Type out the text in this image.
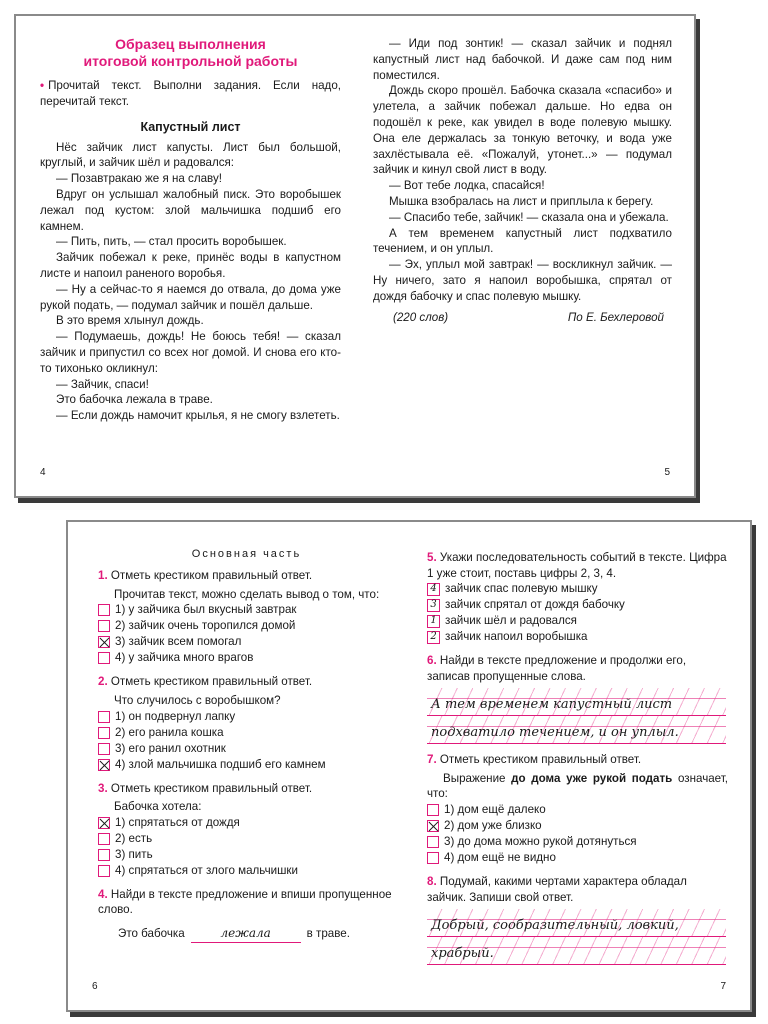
Образец выполнения
итоговой контрольной работы
• Прочитай текст. Выполни задания. Если надо, перечитай текст.
Капустный лист
Нёс зайчик лист капусты. Лист был большой, круглый, и зайчик шёл и радовался:
— Позавтракаю же я на славу!
Вдруг он услышал жалобный писк. Это воробышек лежал под кустом: злой мальчишка подшиб его камнем.
— Пить, пить, — стал просить воробышек.
Зайчик побежал к реке, принёс воды в капустном листе и напоил раненого воробья.
— Ну а сейчас-то я наемся до отвала, до дома уже рукой подать, — подумал зайчик и пошёл дальше.
В это время хлынул дождь.
— Подумаешь, дождь! Не боюсь тебя! — сказал зайчик и припустил со всех ног домой. И снова его кто-то тихонько окликнул:
— Зайчик, спаси!
Это бабочка лежала в траве.
— Если дождь намочит крылья, я не смогу взлететь.
4
— Иди под зонтик! — сказал зайчик и поднял капустный лист над бабочкой. И даже сам под ним поместился.
Дождь скоро прошёл. Бабочка сказала «спасибо» и улетела, а зайчик побежал дальше. Но едва он подошёл к реке, как увидел в воде полевую мышку. Она еле держалась за тонкую веточку, и вода уже захлёстывала её. «Пожалуй, утонет...» — подумал зайчик и кинул свой лист в воду.
— Вот тебе лодка, спасайся!
Мышка взобралась на лист и приплыла к берегу.
— Спасибо тебе, зайчик! — сказала она и убежала.
А тем временем капустный лист подхватило течением, и он уплыл.
— Эх, уплыл мой завтрак! — воскликнул зайчик. — Ну ничего, зато я напоил воробышка, спрятал от дождя бабочку и спас полевую мышку.
(220 слов)	По Е. Бехлеровой
5
Основная часть
1. Отметь крестиком правильный ответ.
Прочитав текст, можно сделать вывод о том, что:
1) у зайчика был вкусный завтрак
2) зайчик очень торопился домой
3) зайчик всем помогал
4) у зайчика много врагов
2. Отметь крестиком правильный ответ.
Что случилось с воробышком?
1) он подвернул лапку
2) его ранила кошка
3) его ранил охотник
4) злой мальчишка подшиб его камнем
3. Отметь крестиком правильный ответ.
Бабочка хотела:
1) спрятаться от дождя
2) есть
3) пить
4) спрятаться от злого мальчишки
4. Найди в тексте предложение и впиши пропущенное слово.
Это бабочка	лежала	в траве.
6
5. Укажи последовательность событий в тексте. Цифра 1 уже стоит, поставь цифры 2, 3, 4.
4 зайчик спас полевую мышку
3 зайчик спрятал от дождя бабочку
1 зайчик шёл и радовался
2 зайчик напоил воробышка
6. Найди в тексте предложение и продолжи его, записав пропущенные слова.
А тем временем капустный лист
подхватило течением, и он уплыл.
7. Отметь крестиком правильный ответ.
Выражение до дома уже рукой подать означает, что:
1) дом ещё далеко
2) дом уже близко
3) до дома можно рукой дотянуться
4) дом ещё не видно
8. Подумай, какими чертами характера обладал зайчик. Запиши свой ответ.
Добрый, сообразительный, ловкий,
храбрый.
7
